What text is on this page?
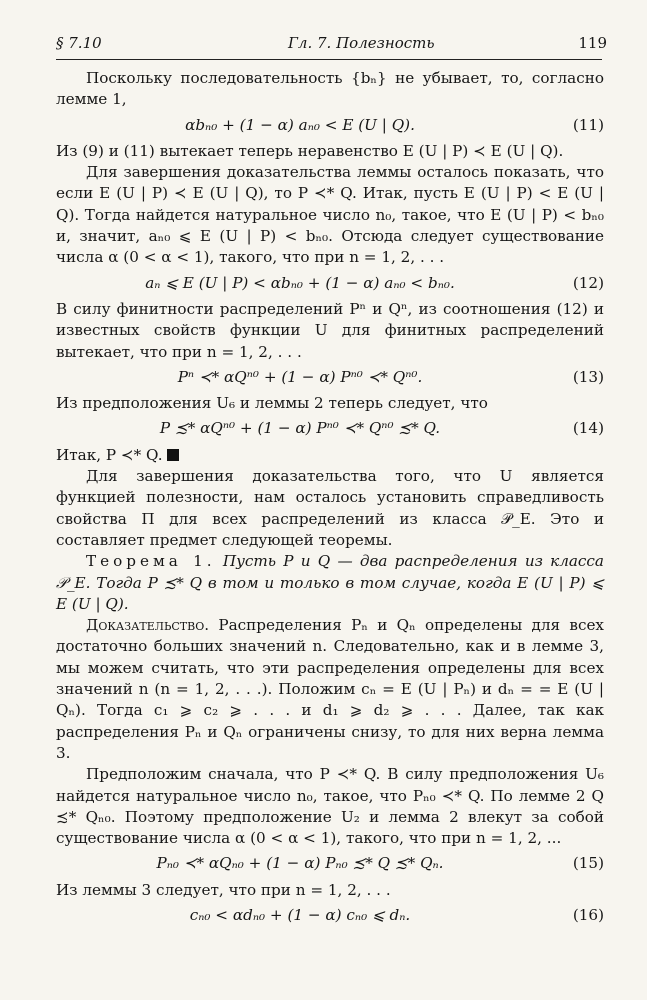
§ 7.10	Гл. 7. Полезность	119

Поскольку последовательность {bₙ} не убывает, то, согласно лемме 1,

αbₙ₀ + (1 − α) aₙ₀ < E (U | Q).	(11)

Из (9) и (11) вытекает теперь неравенство E (U | P) ≺ E (U | Q).

Для завершения доказательства леммы осталось показать, что если E (U | P) ≺ E (U | Q), то P ≺* Q. Итак, пусть E (U | P) < E (U | Q). Тогда найдется натуральное число n₀, такое, что E (U | P) < bₙ₀ и, значит, aₙ₀ ⩽ E (U | P) < bₙ₀. Отсюда следует существование числа α (0 < α < 1), такого, что при n = 1, 2, . . .

aₙ ⩽ E (U | P) < αbₙ₀ + (1 − α) aₙ₀ < bₙ₀.	(12)

В силу финитности распределений Pⁿ и Qⁿ, из соотношения (12) и известных свойств функции U для финитных распределений вытекает, что при n = 1, 2, . . .

Pⁿ ≺* αQⁿ⁰ + (1 − α) Pⁿ⁰ ≺* Qⁿ⁰.	(13)

Из предположения U₆ и леммы 2 теперь следует, что

P ≾* αQⁿ⁰ + (1 − α) Pⁿ⁰ ≺* Qⁿ⁰ ≾* Q.	(14)

Итак, P ≺* Q.

Для завершения доказательства того, что U является функцией полезности, нам осталось установить справедливость свойства П для всех распределений из класса 𝒫_E. Это и составляет предмет следующей теоремы.

Теорема 1. Пусть P и Q — два распределения из класса 𝒫_E. Тогда P ≾* Q в том и только в том случае, когда E (U | P) ⩽ E (U | Q).

Доказательство. Распределения Pₙ и Qₙ определены для всех достаточно больших значений n. Следовательно, как и в лемме 3, мы можем считать, что эти распределения определены для всех значений n (n = 1, 2, . . .). Положим cₙ = E (U | Pₙ) и dₙ = = E (U | Qₙ). Тогда c₁ ⩾ c₂ ⩾ . . . и d₁ ⩾ d₂ ⩾ . . . Далее, так как распределения Pₙ и Qₙ ограничены снизу, то для них верна лемма 3.

Предположим сначала, что P ≺* Q. В силу предположения U₆ найдется натуральное число n₀, такое, что Pₙ₀ ≺* Q. По лемме 2 Q ≾* Qₙ₀. Поэтому предположение U₂ и лемма 2 влекут за собой существование числа α (0 < α < 1), такого, что при n = 1, 2, ...

Pₙ₀ ≺* αQₙ₀ + (1 − α) Pₙ₀ ≾* Q ≾* Qₙ.	(15)

Из леммы 3 следует, что при n = 1, 2, . . .

cₙ₀ < αdₙ₀ + (1 − α) cₙ₀ ⩽ dₙ.	(16)
